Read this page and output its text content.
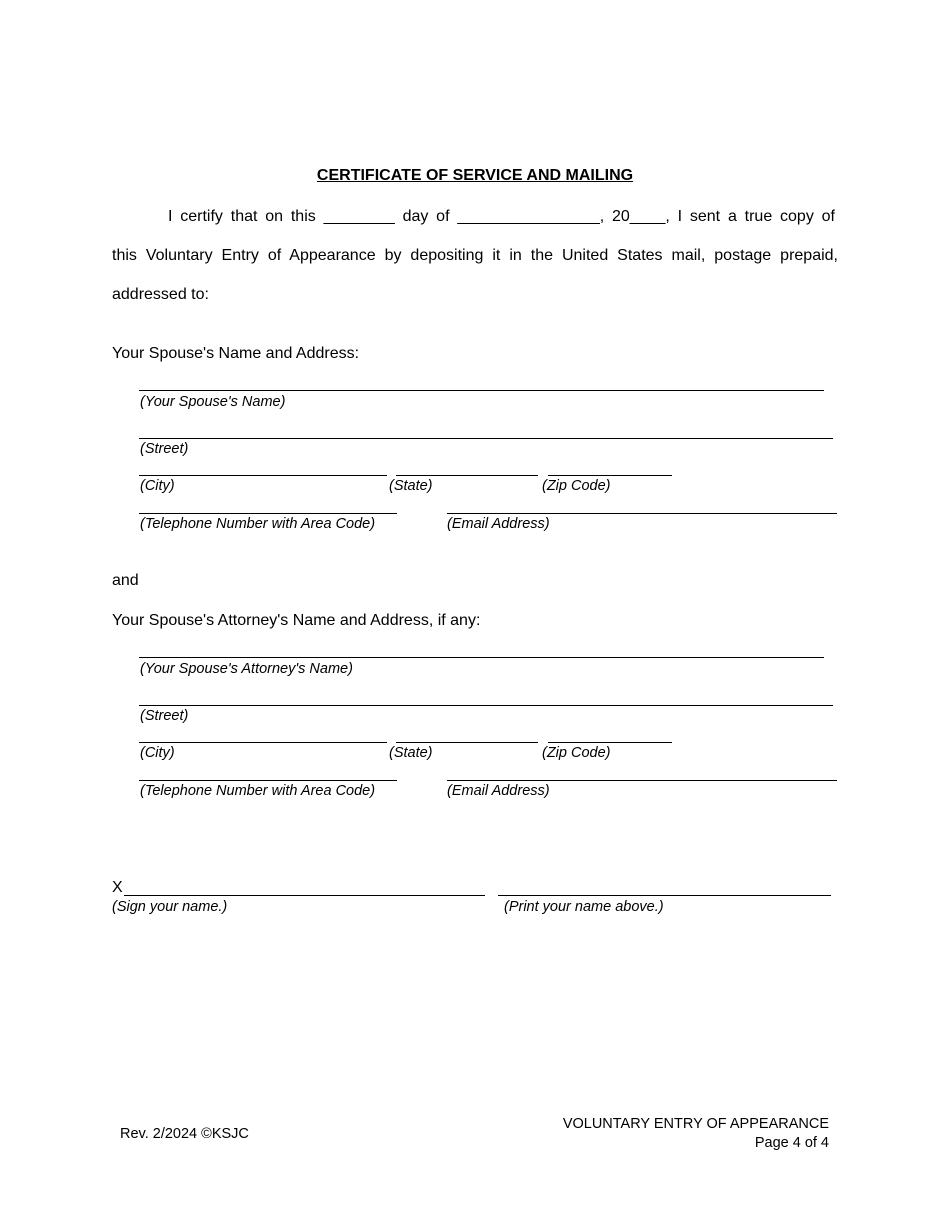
CERTIFICATE OF SERVICE AND MAILING
I certify that on this ________ day of ________________, 20____, I sent a true copy of
this Voluntary Entry of Appearance by depositing it in the United States mail, postage prepaid,
addressed to:
Your Spouse's Name and Address:
(Your Spouse's Name)
(Street)
(City)	(State)	(Zip Code)
(Telephone Number with Area Code)	(Email Address)
and
Your Spouse's Attorney's Name and Address, if any:
(Your Spouse's Attorney's Name)
(Street)
(City)	(State)	(Zip Code)
(Telephone Number with Area Code)	(Email Address)
X
(Sign your name.)	(Print your name above.)
Rev. 2/2024 ©KSJC
VOLUNTARY ENTRY OF APPEARANCE
Page 4 of 4
